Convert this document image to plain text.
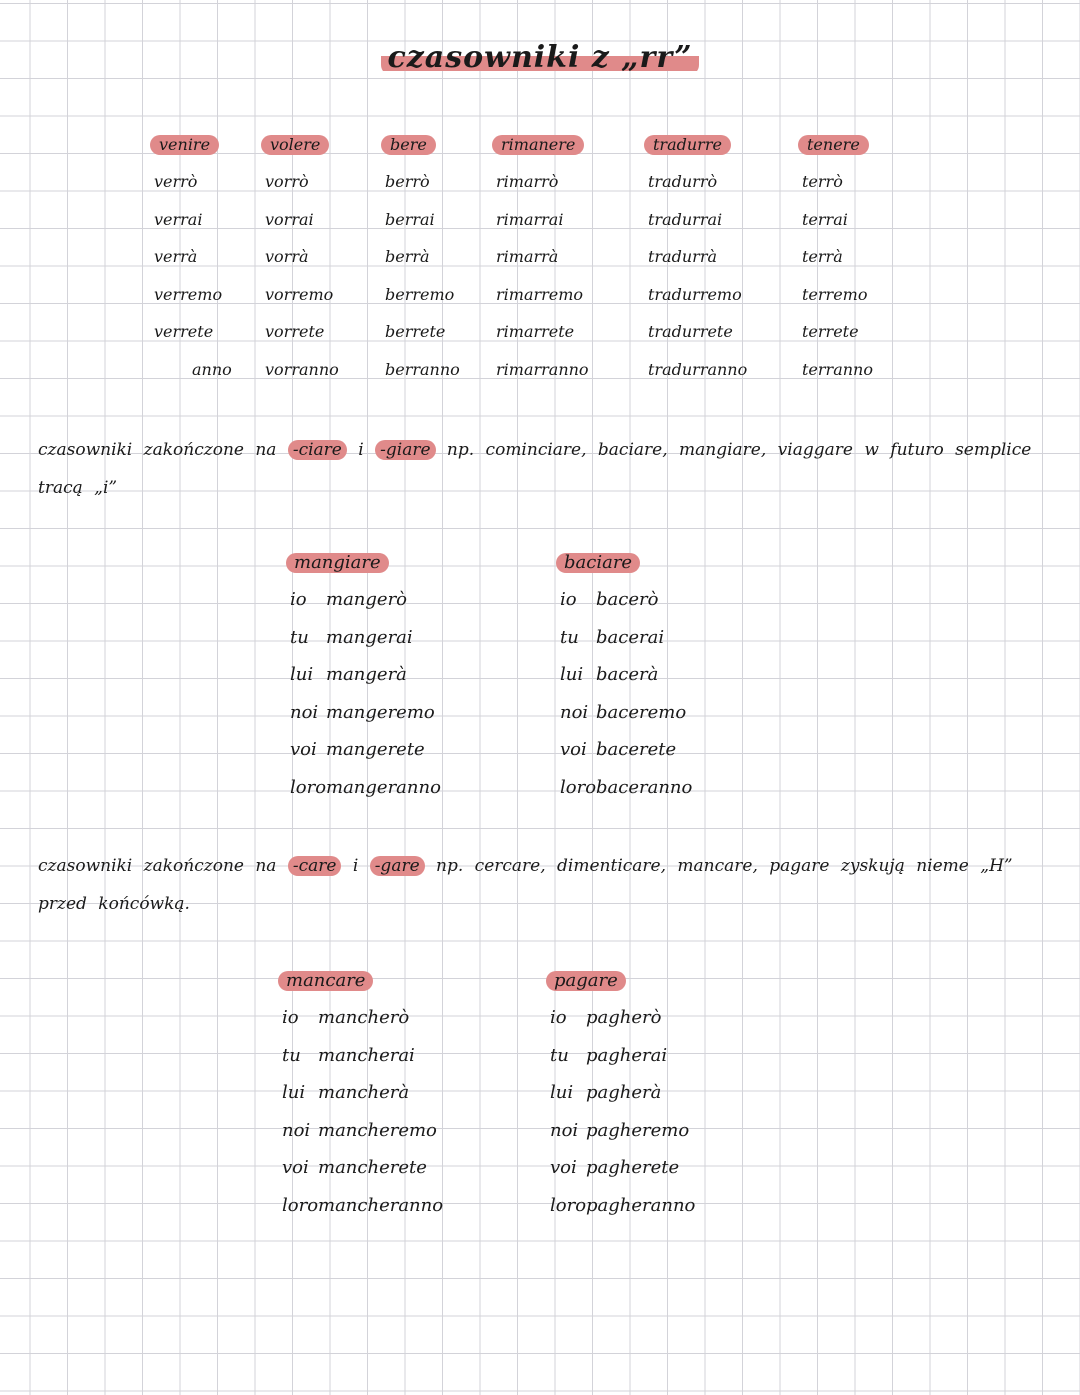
czasowniki z „rr”
venire
verrò
verrai
verrà
verremo
verrete
anno
volere
vorrò
vorrai
vorrà
vorremo
vorrete
vorranno
bere
berrò
berrai
berrà
berremo
berrete
berranno
rimanere
rimarrò
rimarrai
rimarrà
rimarremo
rimarrete
rimarranno
tradurre
tradurrò
tradurrai
tradurrà
tradurremo
tradurrete
tradurranno
tenere
terrò
terrai
terrà
terremo
terrete
terranno
czasowniki zakończone na -ciare i -giare np. cominciare, baciare, mangiare, viaggare w futuro semplice tracą „i”
mangiare
io mangerò
tu mangerai
lui mangerà
noi mangeremo
voi mangerete
loromangeranno
baciare
io bacerò
tu bacerai
lui bacerà
noi baceremo
voi bacerete
lorobaceranno
czasowniki zakończone na -care i -gare np. cercare, dimenticare, mancare, pagare zyskują nieme „H” przed końcówką.
mancare
io mancherò
tu mancherai
lui mancherà
noi mancheremo
voi mancherete
loromancheranno
pagare
io pagherò
tu pagherai
lui pagherà
noi pagheremo
voi pagherete
loropagheranno
